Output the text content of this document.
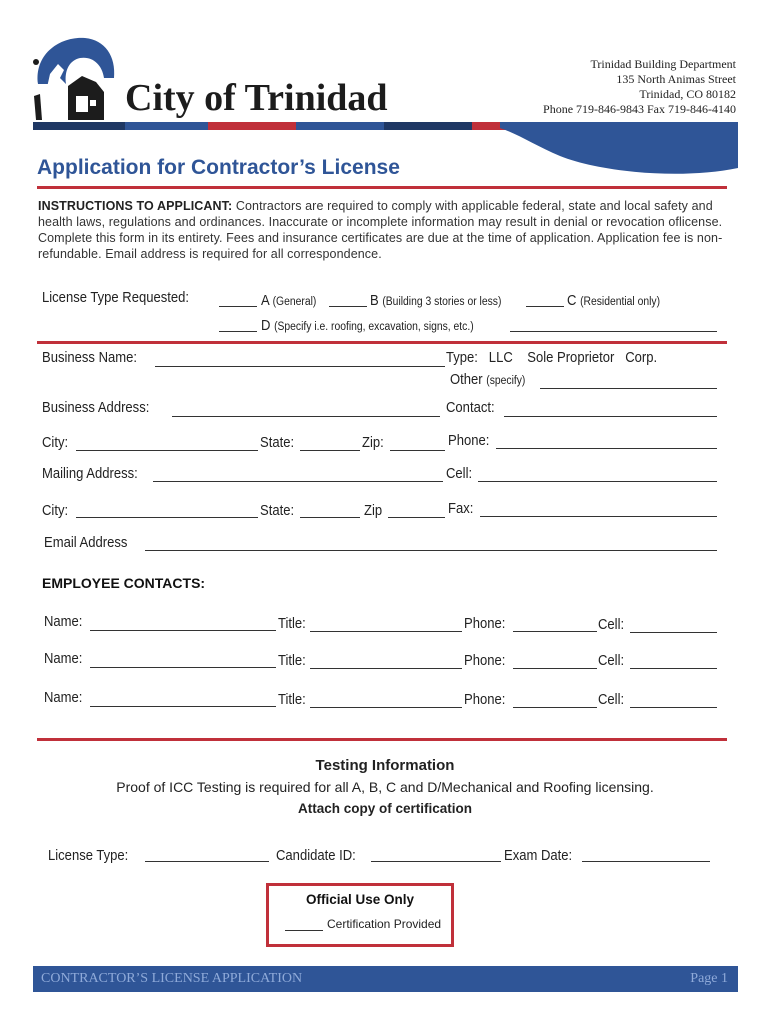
City of Trinidad
Trinidad Building Department
135 North Animas Street
Trinidad, CO 80182
Phone 719-846-9843 Fax 719-846-4140
Application for Contractor’s License
INSTRUCTIONS TO APPLICANT: Contractors are required to comply with applicable federal, state and local safety and health laws, regulations and ordinances. Inaccurate or incomplete information may result in denial or revocation oflicense. Complete this form in its entirety. Fees and insurance certificates are due at the time of application. Application fee is non-refundable. Email address is required for all correspondence.
License Type Requested:	A (General)	B (Building 3 stories or less)	C (Residential only)
D (Specify i.e. roofing, excavation, signs, etc.)
Business Name:	Type: LLC Sole Proprietor Corp.
Other (specify)
Business Address:	Contact:
City:	State:	Zip:	Phone:
Mailing Address:	Cell:
City:	State:	Zip	Fax:
Email Address
EMPLOYEE CONTACTS:
Name:	Title:	Phone:	Cell:
Name:	Title:	Phone:	Cell:
Name:	Title:	Phone:	Cell:
Testing Information
Proof of ICC Testing is required for all A, B, C and D/Mechanical and Roofing licensing.
Attach copy of certification
License Type:	Candidate ID:	Exam Date:
Official Use Only
Certification Provided
CONTRACTOR’S LICENSE APPLICATION	Page 1
